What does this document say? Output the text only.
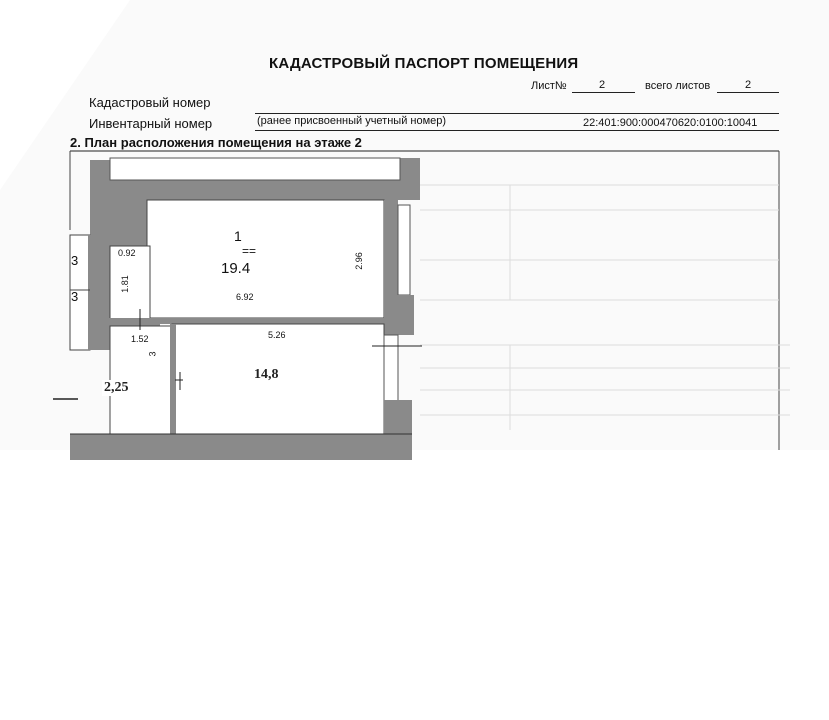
КАДАСТРОВЫЙ ПАСПОРТ ПОМЕЩЕНИЯ
Лист№	2	всего листов	2
Кадастровый номер
Инвентарный номер	(ранее присвоенный учетный номер)	22:401:900:000470620:0100:10041
2. План расположения помещения на этаже 2
1
==
19.4
0.92
1.81
2.96
6.92
1.52	5.26
3
3
3
2,25
14,8
